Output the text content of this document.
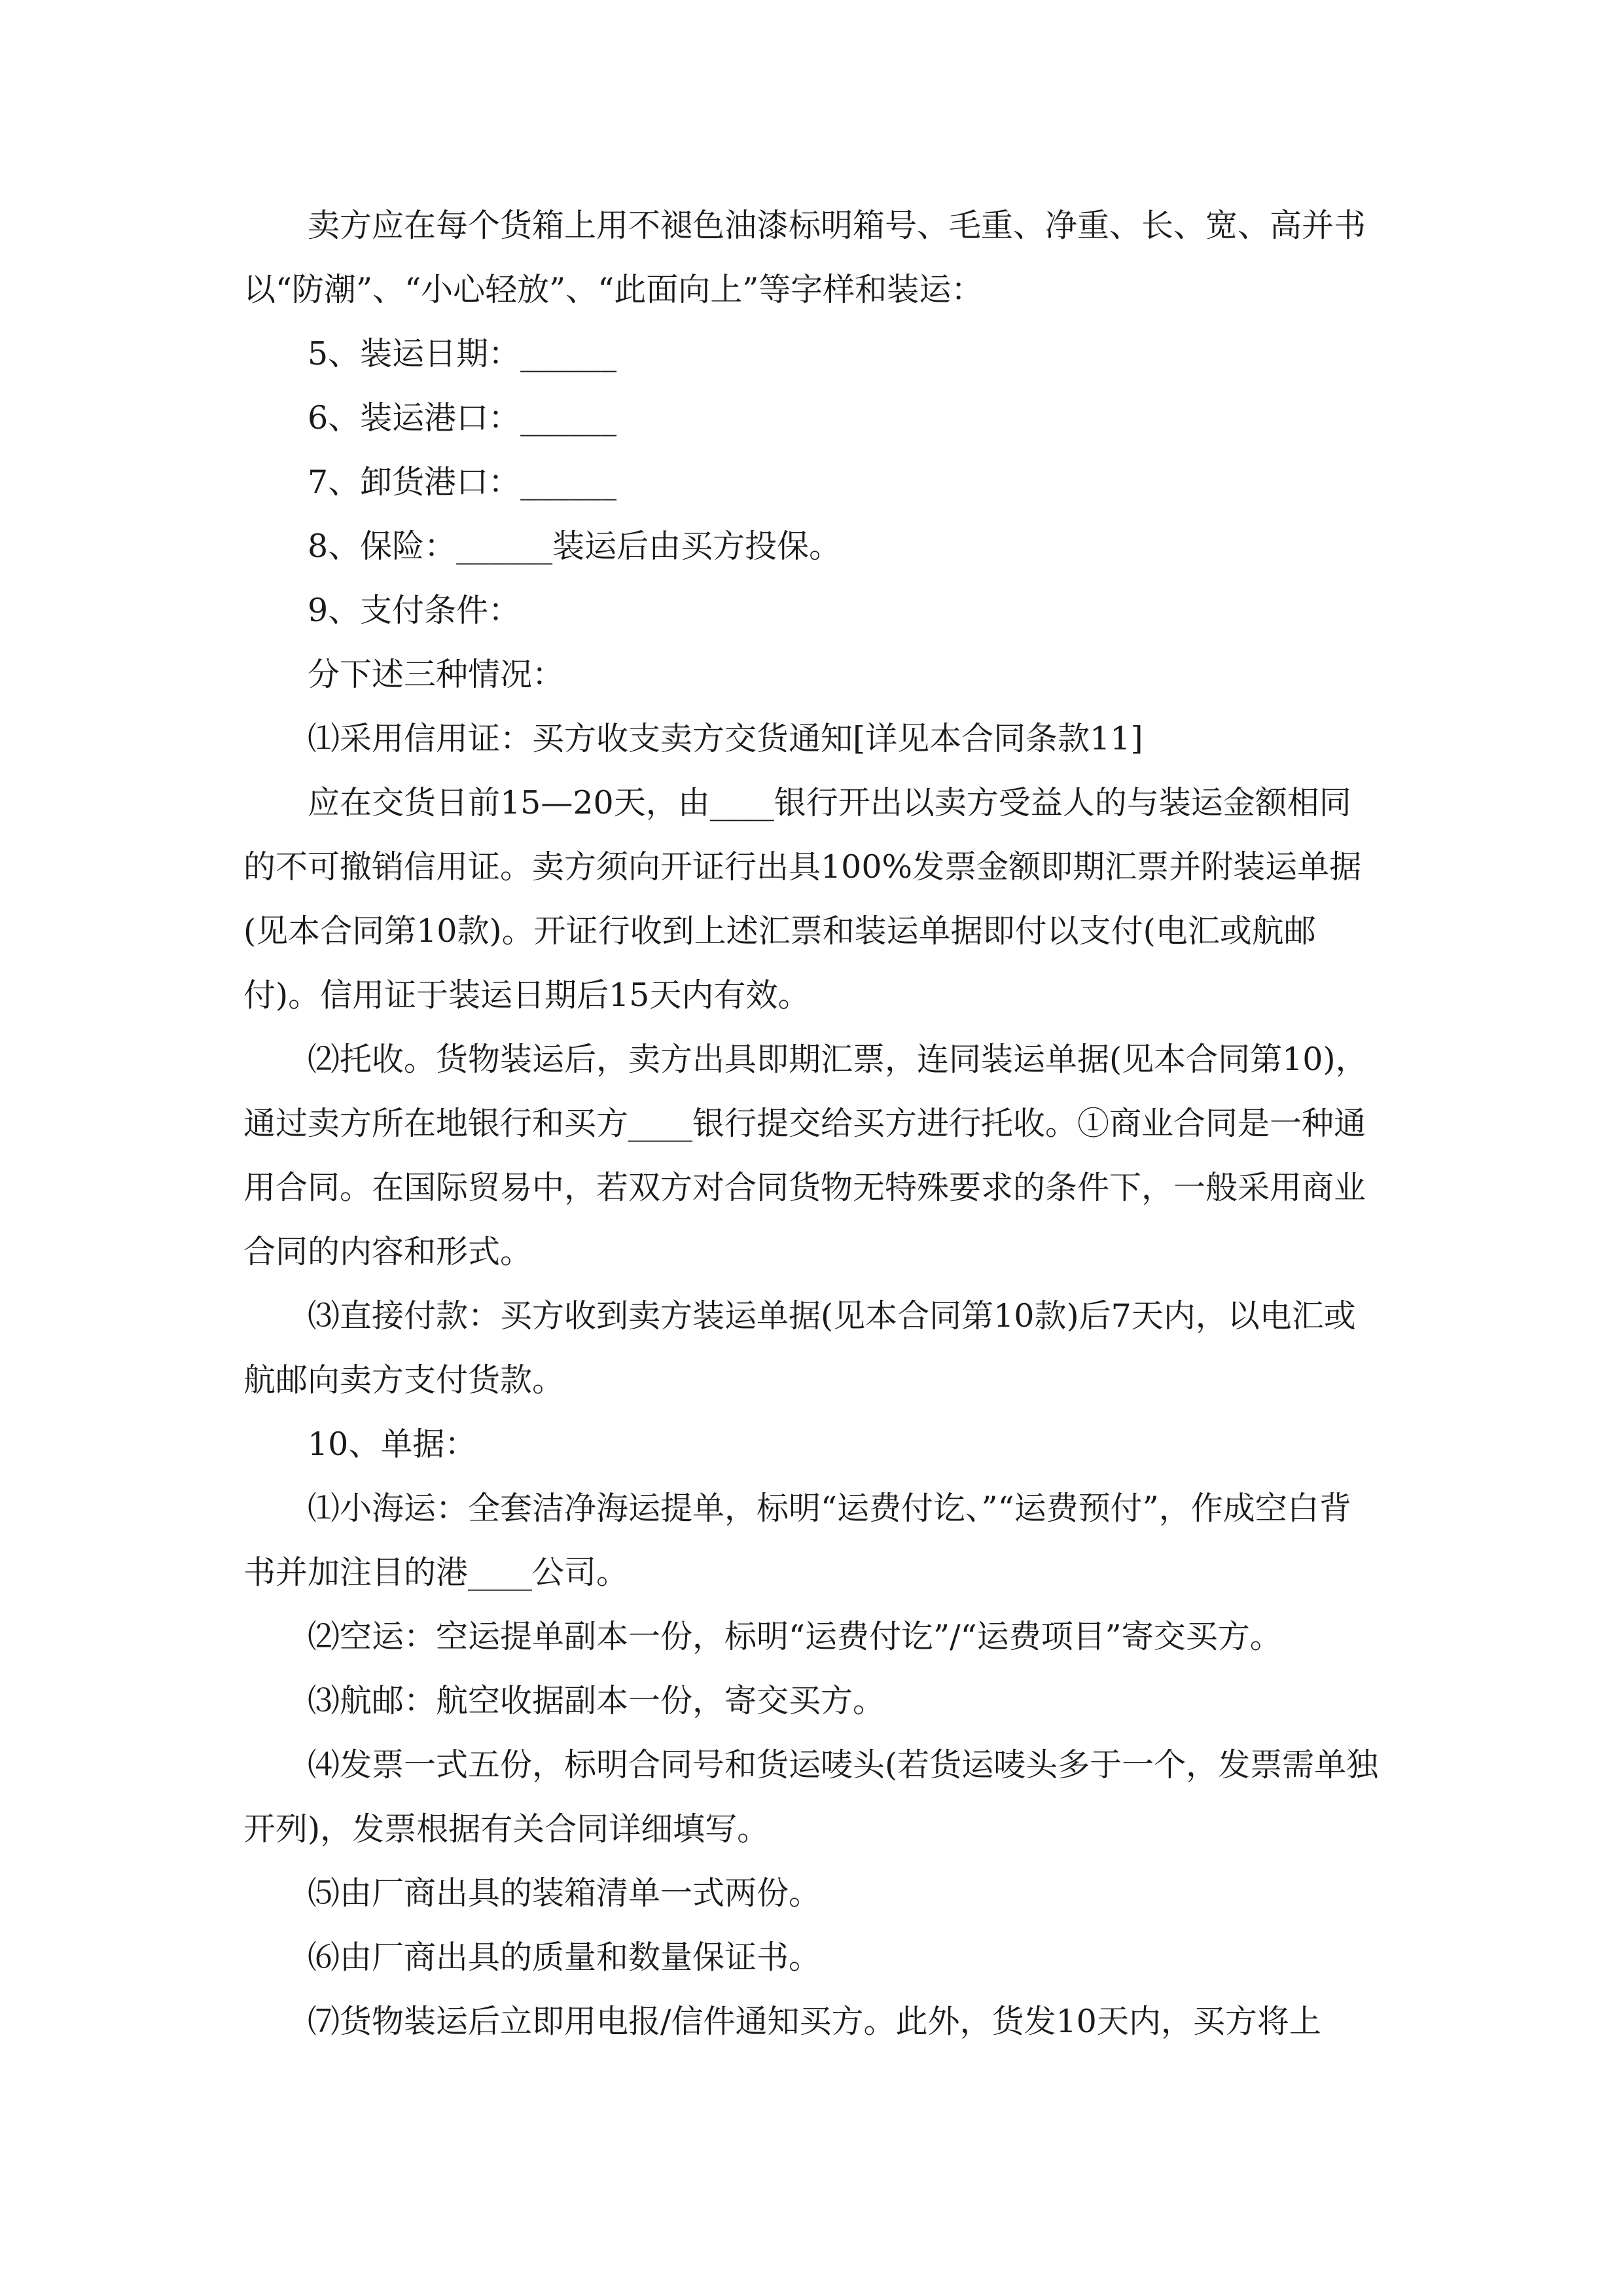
卖方应在每个货箱上用不褪色油漆标明箱号、毛重、净重、长、宽、高并书以“防潮”、“小心轻放”、“此面向上”等字样和装运：

5、装运日期：______

6、装运港口：______

7、卸货港口：______

8、保险：______装运后由买方投保。

9、支付条件：

分下述三种情况：

⑴采用信用证：买方收支卖方交货通知[详见本合同条款11]

应在交货日前15—20天，由____银行开出以卖方受益人的与装运金额相同的不可撤销信用证。卖方须向开证行出具100%发票金额即期汇票并附装运单据(见本合同第10款)。开证行收到上述汇票和装运单据即付以支付(电汇或航邮付)。信用证于装运日期后15天内有效。

⑵托收。货物装运后，卖方出具即期汇票，连同装运单据(见本合同第10)，通过卖方所在地银行和买方____银行提交给买方进行托收。①商业合同是一种通用合同。在国际贸易中，若双方对合同货物无特殊要求的条件下，一般采用商业合同的内容和形式。

⑶直接付款：买方收到卖方装运单据(见本合同第10款)后7天内，以电汇或航邮向卖方支付货款。

10、单据：

⑴小海运：全套洁净海运提单，标明“运费付讫、”“运费预付”，作成空白背书并加注目的港____公司。

⑵空运：空运提单副本一份，标明“运费付讫”/“运费项目”寄交买方。

⑶航邮：航空收据副本一份，寄交买方。

⑷发票一式五份，标明合同号和货运唛头(若货运唛头多于一个，发票需单独开列)，发票根据有关合同详细填写。

⑸由厂商出具的装箱清单一式两份。

⑹由厂商出具的质量和数量保证书。

⑺货物装运后立即用电报/信件通知买方。此外，货发10天内，买方将上
